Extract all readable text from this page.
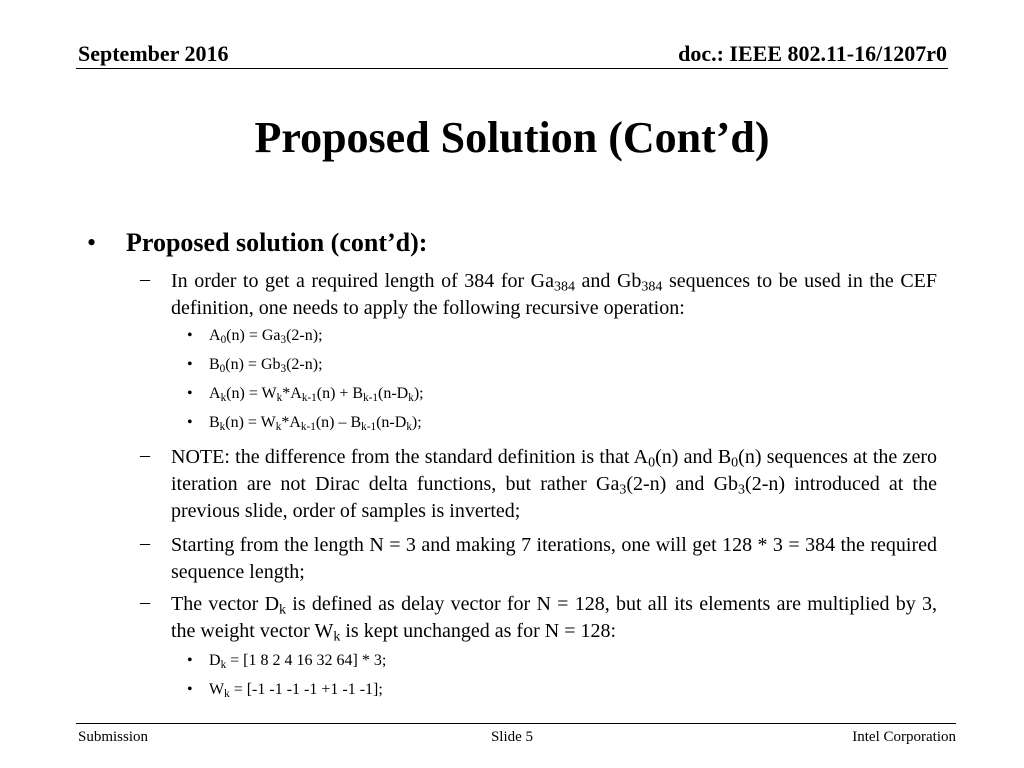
September 2016	doc.: IEEE 802.11-16/1207r0
Proposed Solution (Cont’d)
• Proposed solution (cont’d):
– In order to get a required length of 384 for $Ga_{384}$ and $Gb_{384}$ sequences to be used in the CEF definition, one needs to apply the following recursive operation:
• $A_0(n) = Ga_3(2-n)$;
• $B_0(n) = Gb_3(2-n)$;
• $A_k(n) = W_k*A_{k-1}(n) + B_{k-1}(n-D_k)$;
• $B_k(n) = W_k*A_{k-1}(n) - B_{k-1}(n-D_k)$;
– NOTE: the difference from the standard definition is that $A_0(n)$ and $B_0(n)$ sequences at the zero iteration are not Dirac delta functions, but rather $Ga_3(2-n)$ and $Gb_3(2-n)$ introduced at the previous slide, order of samples is inverted;
– Starting from the length N = 3 and making 7 iterations, one will get 128 * 3 = 384 the required sequence length;
– The vector $D_k$ is defined as delay vector for N = 128, but all its elements are multiplied by 3, the weight vector $W_k$ is kept unchanged as for N = 128:
• $D_k = [1$ 8 2 4 16 32 64] * 3;
• $W_k = [-1$ -1 -1 -1 +1 -1 -1];
Submission	Slide 5	Intel Corporation
